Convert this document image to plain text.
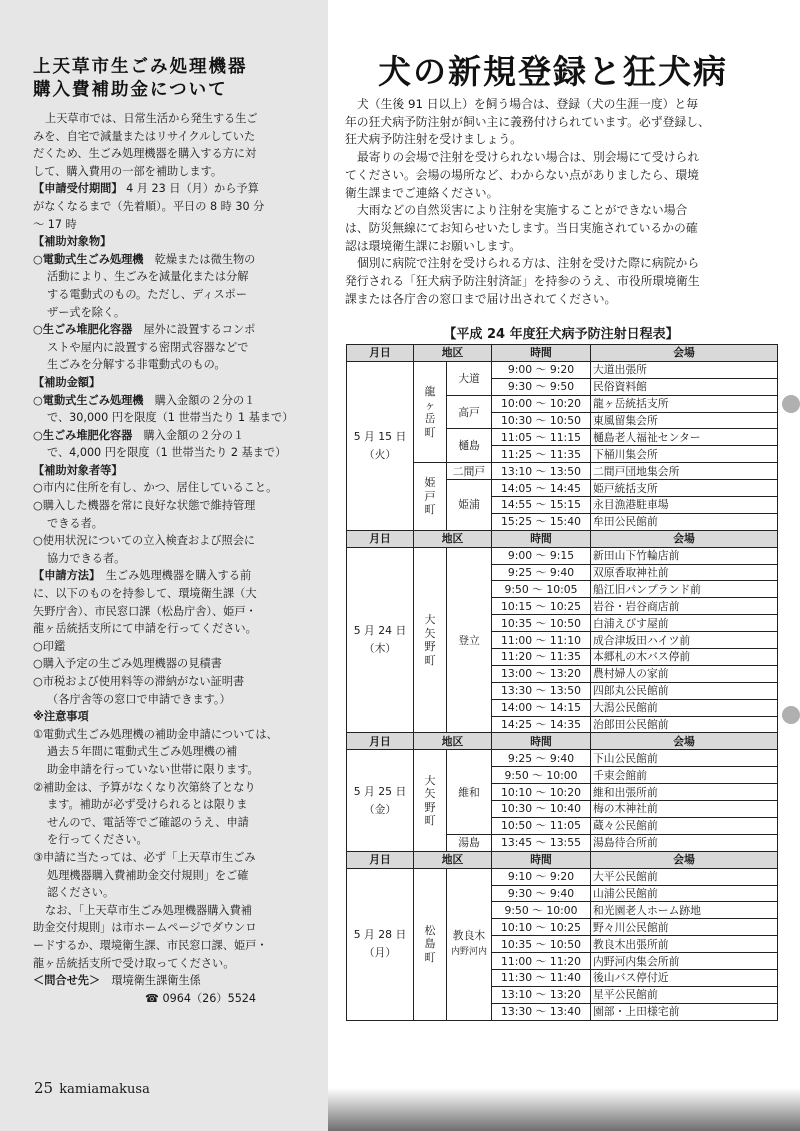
上天草市生ごみ処理機器
購入費補助金について
上天草市では、日常生活から発生する生ご
みを、自宅で減量またはリサイクルしていた
だくため、生ごみ処理機器を購入する方に対
して、購入費用の一部を補助します。
【申請受付期間】 4 月 23 日（月）から予算
がなくなるまで（先着順）。平日の 8 時 30 分
～ 17 時
【補助対象物】
○電動式生ごみ処理機　 乾燥または微生物の
活動により、生ごみを減量化または分解
する電動式のもの。ただし、ディスポー
ザー式を除く。
○生ごみ堆肥化容器　 屋外に設置するコンポ
ストや屋内に設置する密閉式容器などで
生ごみを分解する非電動式のもの。
【補助金額】
○電動式生ごみ処理機　 購入金額の２分の１
で、30,000 円を限度（1 世帯当たり 1 基まで）
○生ごみ堆肥化容器　 購入金額の２分の１
で、4,000 円を限度（1 世帯当たり 2 基まで）
【補助対象者等】
○市内に住所を有し、かつ、居住していること。
○購入した機器を常に良好な状態で維持管理
できる者。
○使用状況についての立入検査および照会に
協力できる者。
【申請方法】　 生ごみ処理機器を購入する前
に、以下のものを持参して、環境衛生課（大
矢野庁舎）、市民窓口課（松島庁舎）、姫戸・
龍ヶ岳統括支所にて申請を行ってください。
○印鑑
○購入予定の生ごみ処理機器の見積書
○市税および使用料等の滞納がない証明書
（各庁舎等の窓口で申請できます。）
※注意事項
①電動式生ごみ処理機の補助金申請については、
過去５年間に電動式生ごみ処理機の補
助金申請を行っていない世帯に限ります。
②補助金は、予算がなくなり次第終了となり
ます。補助が必ず受けられるとは限りま
せんので、電話等でご確認のうえ、申請
を行ってください。
③申請に当たっては、必ず「上天草市生ごみ
処理機器購入費補助金交付規則」をご確
認ください。
なお、「上天草市生ごみ処理機器購入費補
助金交付規則」は市ホームページでダウンロ
ードするか、環境衛生課、市民窓口課、姫戸・
龍ヶ岳統括支所で受け取ってください。
＜問合せ先＞　 環境衛生課衛生係
☎ 0964（26）5524
25 kamiamakusa
犬の新規登録と狂犬病

犬（生後 91 日以上）を飼う場合は、登録（犬の生涯一度）と毎
年の狂犬病予防注射が飼い主に義務付けられています。必ず登録し、
狂犬病予防注射を受けましょう。

最寄りの会場で注射を受けられない場合は、別会場にて受けられ
てください。会場の場所など、わからない点がありましたら、環境
衛生課までご連絡ください。

大雨などの自然災害により注射を実施することができない場合
は、防災無線にてお知らせいたします。当日実施されているかの確
認は環境衛生課にお願いします。

個別に病院で注射を受けられる方は、注射を受けた際に病院から
発行される「狂犬病予防注射済証」を持参のうえ、市役所環境衛生
課または各庁舎の窓口まで届け出されてください。

【平成 24 年度狂犬病予防注射日程表】
月日	地区		時間	会場
5 月 15 日
（火）	龍ヶ岳町	大道	9:00 ～ 9:20	大道出張所
			9:30 ～ 9:50	民俗資料館
		高戸	10:00 ～ 10:20	龍ヶ岳統括支所
			10:30 ～ 10:50	東風留集会所
		樋島	11:05 ～ 11:15	樋島老人福祉センター
			11:25 ～ 11:35	下桶川集会所
	姫戸町	二間戸	13:10 ～ 13:50	二間戸団地集会所
		姫浦	14:05 ～ 14:45	姫戸統括支所
			14:55 ～ 15:15	永目漁港駐車場
			15:25 ～ 15:40	牟田公民館前
月日	地区		時間	会場
5 月 24 日
（木）	大矢野町	登立	9:00 ～ 9:15	新田山下竹輪店前
			9:25 ～ 9:40	双原香取神社前
			9:50 ～ 10:05	船江旧パンプランド前
			10:15 ～ 10:25	岩谷・岩谷商店前
			10:35 ～ 10:50	白浦えびす屋前
			11:00 ～ 11:10	成合津坂田ハイツ前
			11:20 ～ 11:35	本郷札の木バス停前
			13:00 ～ 13:20	農村婦人の家前
			13:30 ～ 13:50	四郎丸公民館前
			14:00 ～ 14:15	大潟公民館前
			14:25 ～ 14:35	治郎田公民館前
月日	地区		時間	会場
5 月 25 日
（金）	大矢野町	維和	9:25 ～ 9:40	下山公民館前
			9:50 ～ 10:00	千束会館前
			10:10 ～ 10:20	維和出張所前
			10:30 ～ 10:40	梅の木神社前
			10:50 ～ 11:05	蔵々公民館前
		湯島	13:45 ～ 13:55	湯島待合所前
月日	地区		時間	会場
5 月 28 日
（月）	松島町	教良木
内野河内	9:10 ～ 9:20	大平公民館前
			9:30 ～ 9:40	山浦公民館前
			9:50 ～ 10:00	和光園老人ホーム跡地
			10:10 ～ 10:25	野々川公民館前
			10:35 ～ 10:50	教良木出張所前
			11:00 ～ 11:20	内野河内集会所前
			11:30 ～ 11:40	後山バス停付近
			13:10 ～ 13:20	星平公民館前
			13:30 ～ 13:40	園部・上田様宅前
